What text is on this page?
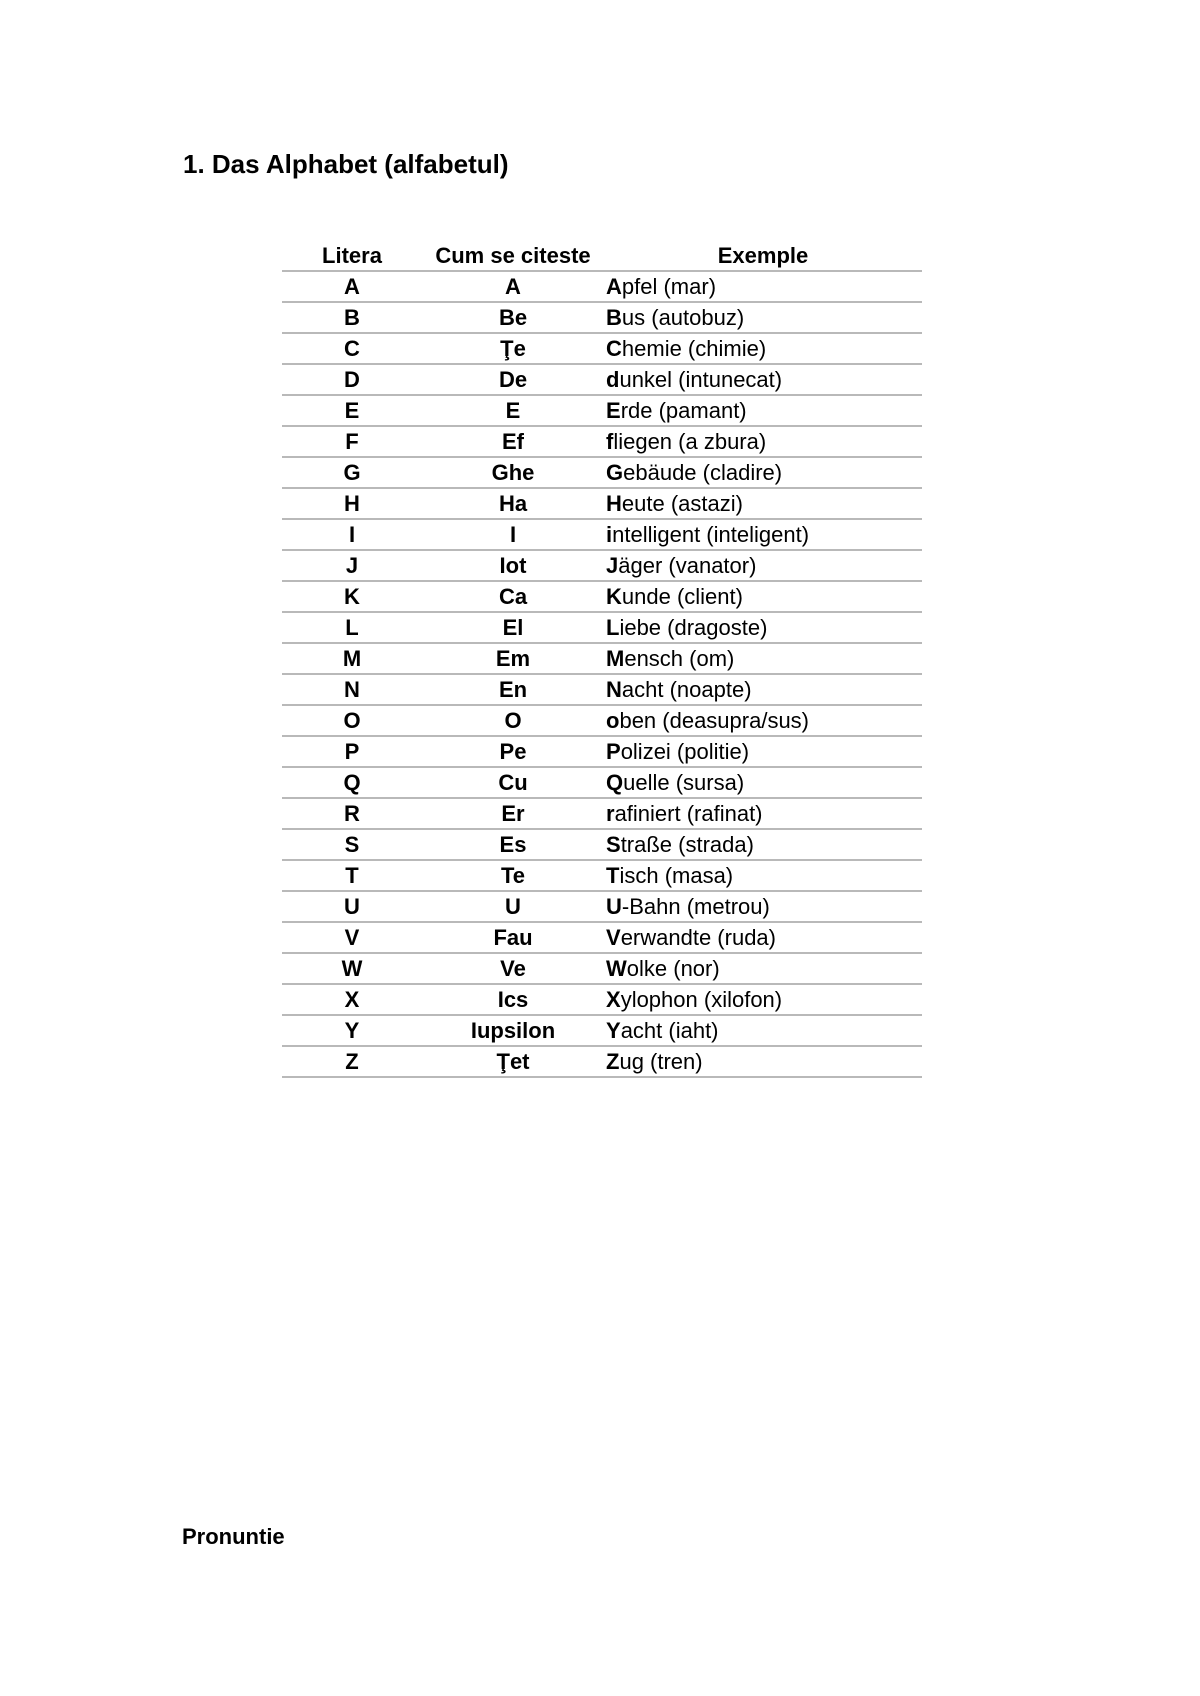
1. Das Alphabet (alfabetul)
Litera	Cum se citeste	Exemple
A	A	Apfel (mar)
B	Be	Bus (autobuz)
C	Ţe	Chemie (chimie)
D	De	dunkel (intunecat)
E	E	Erde (pamant)
F	Ef	fliegen (a zbura)
G	Ghe	Gebäude (cladire)
H	Ha	Heute (astazi)
I	I	intelligent (inteligent)
J	Iot	Jäger (vanator)
K	Ca	Kunde (client)
L	El	Liebe (dragoste)
M	Em	Mensch (om)
N	En	Nacht (noapte)
O	O	oben (deasupra/sus)
P	Pe	Polizei (politie)
Q	Cu	Quelle (sursa)
R	Er	rafiniert (rafinat)
S	Es	Straße (strada)
T	Te	Tisch (masa)
U	U	U-Bahn (metrou)
V	Fau	Verwandte (ruda)
W	Ve	Wolke (nor)
X	Ics	Xylophon (xilofon)
Y	Iupsilon	Yacht (iaht)
Z	Ţet	Zug (tren)
Pronuntie
